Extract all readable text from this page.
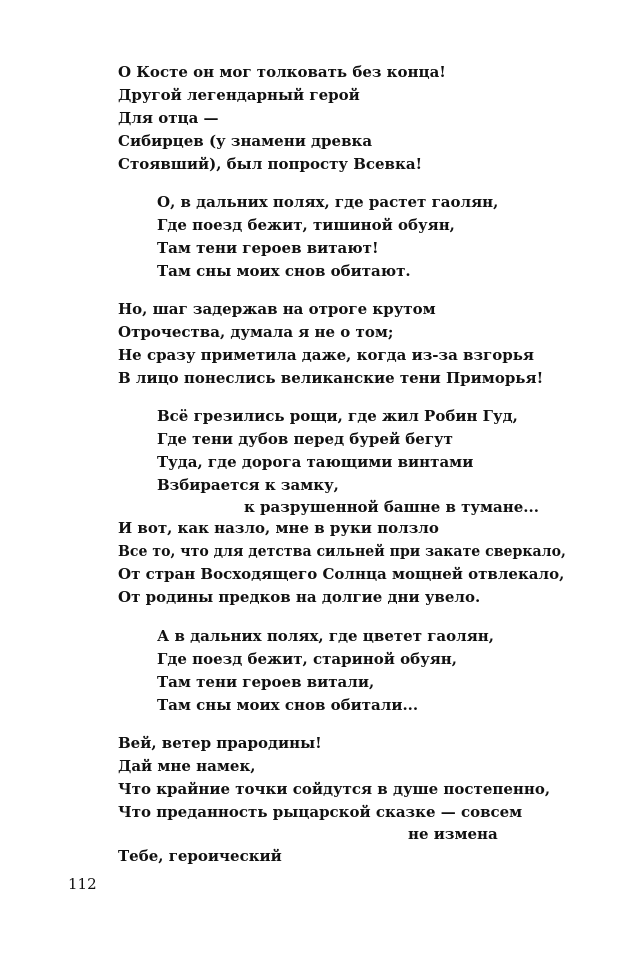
О Косте он мог толковать без конца!
Другой легендарный герой
Для отца —
Сибирцев (у знамени древка
Стоявший), был попросту Всевка!
О, в дальних полях, где растет гаолян,
Где поезд бежит, тишиной обуян,
Там тени героев витают!
Там сны моих снов обитают.
Но, шаг задержав на отроге крутом
Отрочества, думала я не о том;
Не сразу приметила даже, когда из-за взгорья
В лицо понеслись великанские тени Приморья!
Всё грезились рощи, где жил Робин Гуд,
Где тени дубов перед бурей бегут
Туда, где дорога тающими винтами
Взбирается к замку,
к разрушенной башне в тумане...
И вот, как назло, мне в руки ползло
Все то, что для детства сильней при закате сверкало,
От стран Восходящего Солнца мощней отвлекало,
От родины предков на долгие дни увело.
А в дальних полях, где цветет гаолян,
Где поезд бежит, стариной обуян,
Там тени героев витали,
Там сны моих снов обитали...
Вей, ветер прародины!
Дай мне намек,
Что крайние точки сойдутся в душе постепенно,
Что преданность рыцарской сказке — совсем
не измена
Тебе, героический
112
